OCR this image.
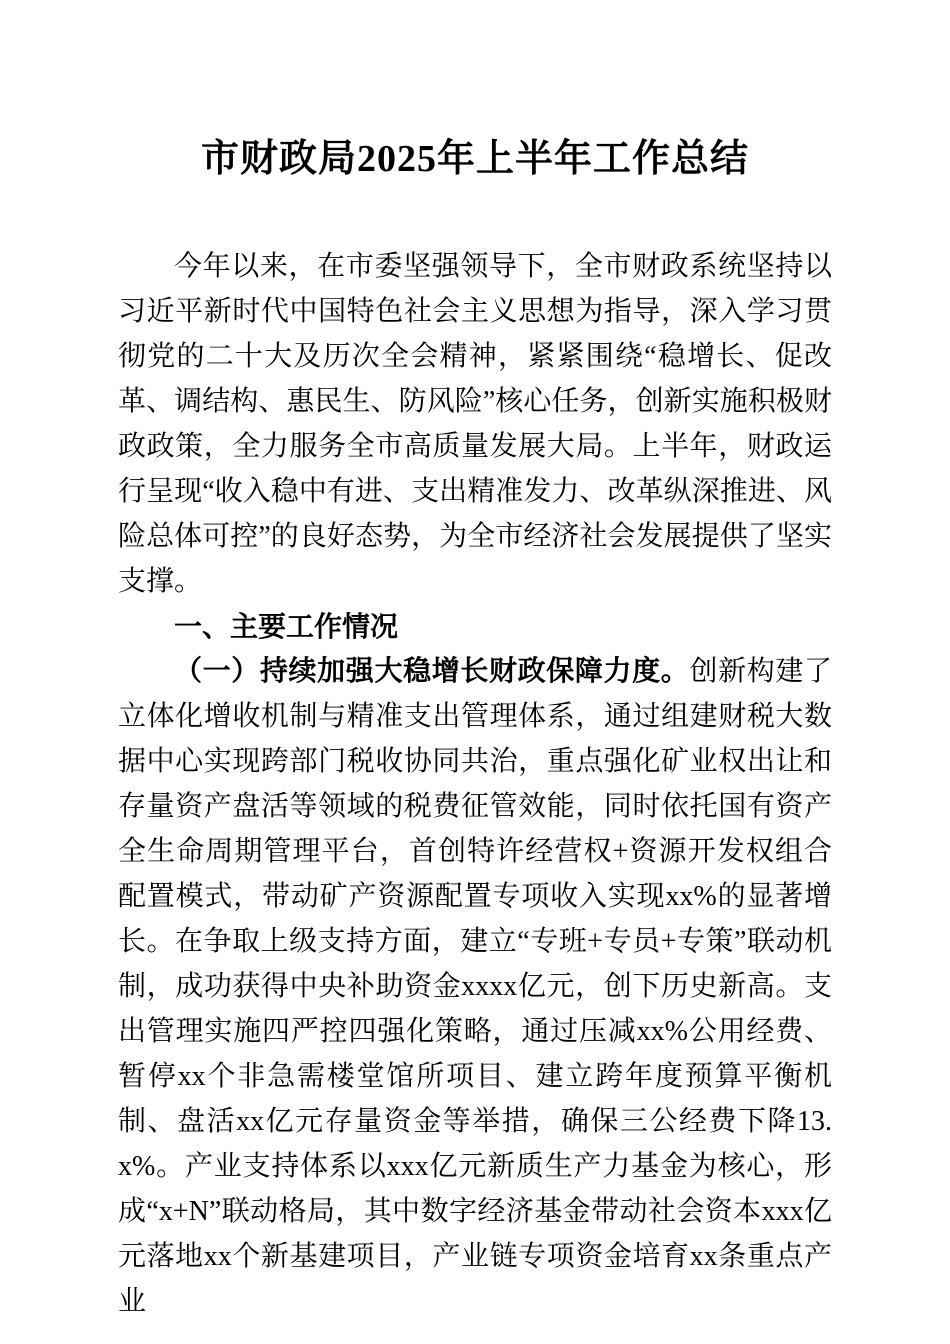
市财政局2025年上半年工作总结

今年以来，在市委坚强领导下，全市财政系统坚持以习近平新时代中国特色社会主义思想为指导，深入学习贯彻党的二十大及历次全会精神，紧紧围绕“稳增长、促改革、调结构、惠民生、防风险”核心任务，创新实施积极财政政策，全力服务全市高质量发展大局。上半年，财政运行呈现“收入稳中有进、支出精准发力、改革纵深推进、风险总体可控”的良好态势，为全市经济社会发展提供了坚实支撑。

一、主要工作情况

（一）持续加强大稳增长财政保障力度。创新构建了立体化增收机制与精准支出管理体系，通过组建财税大数据中心实现跨部门税收协同共治，重点强化矿业权出让和存量资产盘活等领域的税费征管效能，同时依托国有资产全生命周期管理平台，首创特许经营权+资源开发权组合配置模式，带动矿产资源配置专项收入实现xx%的显著增长。在争取上级支持方面，建立“专班+专员+专策”联动机制，成功获得中央补助资金xxxx亿元，创下历史新高。支出管理实施四严控四强化策略，通过压减xx%公用经费、暂停xx个非急需楼堂馆所项目、建立跨年度预算平衡机制、盘活xx亿元存量资金等举措，确保三公经费下降13.x%。产业支持体系以xxx亿元新质生产力基金为核心，形成“x+N”联动格局，其中数字经济基金带动社会资本xxx亿元落地xx个新基建项目，产业链专项资金培育xx条重点产业
